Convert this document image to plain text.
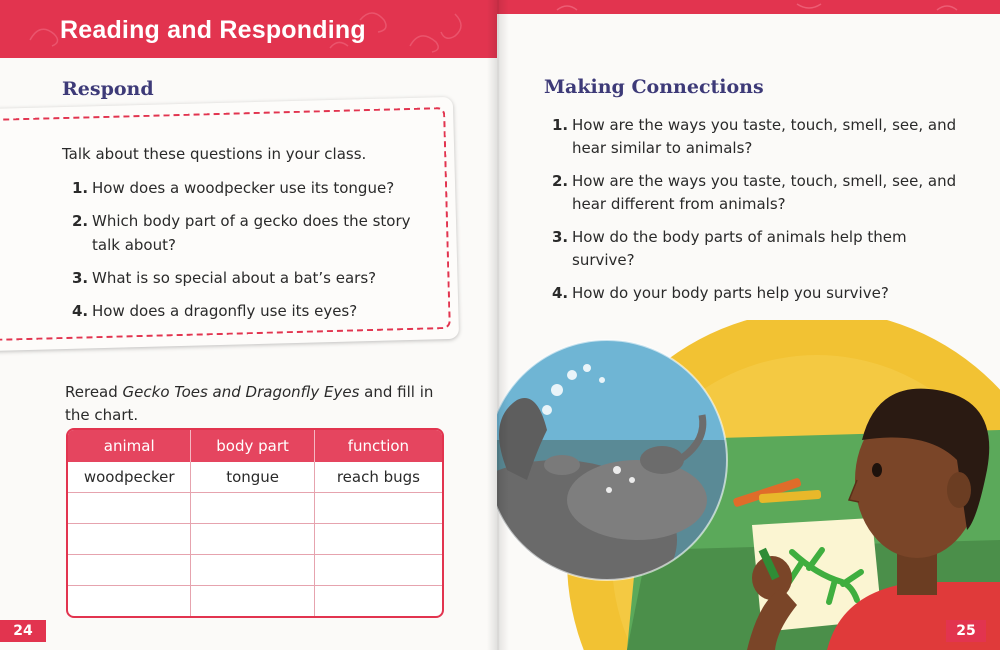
Reading and Responding
Respond
Talk about these questions in your class.
1. How does a woodpecker use its tongue?
2. Which body part of a gecko does the story talk about?
3. What is so special about a bat’s ears?
4. How does a dragonfly use its eyes?
Reread Gecko Toes and Dragonfly Eyes and fill in the chart.
animal	body part	function
woodpecker	tongue	reach bugs

24
Making Connections
1. How are the ways you taste, touch, smell, see, and hear similar to animals?
2. How are the ways you taste, touch, smell, see, and hear different from animals?
3. How do the body parts of animals help them survive?
4. How do your body parts help you survive?
25
